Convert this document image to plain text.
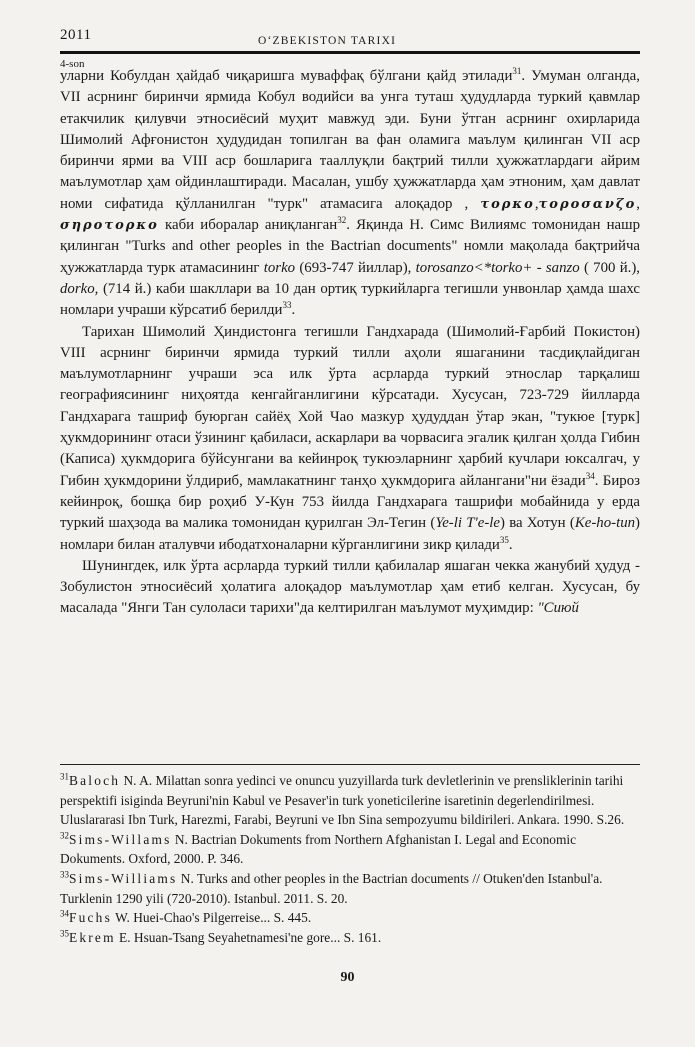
2011	O‘ZBEKISTON TARIXI
4-son

уларни Кобулдан ҳайдаб чиқаришга муваффақ бўлгани қайд этилади$^{31}$. Умуман олганда, VII асрнинг биринчи ярмида Кобул водийси ва унга туташ ҳудудларда туркий қавмлар етакчилик қилувчи этносиёсий муҳит мавжуд эди. Буни ўтган асрнинг охирларида Шимолий Афғонистон ҳудудидан топилган ва фан оламига маълум қилинган VII аср биринчи ярми ва VIII аср бошларига тааллуқли бақтрий тилли ҳужжатлардаги айрим маълумотлар ҳам ойдинлаштиради. Масалан, ушбу ҳужжатларда ҳам этноним, ҳам давлат номи сифатида қўлланилган "турк" атамасига алоқадор , τορκο,τοροσανζο, σηροτορκο каби иборалар аниқланган$^{32}$. Яқинда Н. Симс Вилиямс томонидан нашр қилинган "Turks and other peoples in the Bactrian documents" номли мақолада бақтрийча ҳужжатларда турк атамасининг torko (693-747 йиллар), torosanzo<*torko+ - sanzo ( 700 й.), dorko, (714 й.) каби шакллари ва 10 дан ортиқ туркийларга тегишли унвонлар ҳамда шахс номлари учраши кўрсатиб берилди$^{33}$.

Тарихан Шимолий Ҳиндистонга тегишли Гандхарада (Шимолий-Ғарбий Покистон) VIII асрнинг биринчи ярмида туркий тилли аҳоли яшаганини тасдиқлайдиган маълумотларнинг учраши эса илк ўрта асрларда туркий этнослар тарқалиш географиясининг ниҳоятда кенгайганлигини кўрсатади. Хусусан, 723-729 йилларда Гандхарага ташриф буюрган сайёҳ Хой Чао мазкур ҳудуддан ўтар экан, "тукюе [турк] ҳукмдорининг отаси ўзининг қабиласи, аскарлари ва чорвасига эгалик қилган ҳолда Гибин (Каписа) ҳукмдорига бўйсунгани ва кейинроқ тукюэларнинг ҳарбий кучлари юксалгач, у Гибин ҳукмдорини ўлдириб, мамлакатнинг танҳо ҳукмдорига айлангани"ни ёзади$^{34}$. Бироз кейинроқ, бошқа бир роҳиб У-Кун 753 йилда Гандхарага ташрифи мобайнида у ерда туркий шаҳзода ва малика томонидан қурилган Эл-Тегин (Ye-li T'e-le) ва Хотун (Ke-ho-tun) номлари билан аталувчи ибодатхоналарни кўрганлигини зикр қилади$^{35}$.

Шунингдек, илк ўрта асрларда туркий тилли қабилалар яшаган чекка жанубий ҳудуд - Зобулистон этносиёсий ҳолатига алоқадор маълумотлар ҳам етиб келган. Хусусан, бу масалада "Янги Тан сулоласи тарихи"да келтирилган маълумот муҳимдир: "Сиюй

$^{31}$Baloch N. A. Milattan sonra yedinci ve onuncu yuzyillarda turk devletlerinin ve prensliklerinin tarihi perspektifi isiginda Beyruni'nin Kabul ve Pesaver'in turk yoneticilerine isaretinin degerlendirilmesi. Uluslararasi Ibn Turk, Harezmi, Farabi, Beyruni ve Ibn Sina sempozyumu bildirileri. Ankara. 1990. S.26.

$^{32}$Sims-Willams N. Bactrian Dokuments from Northern Afghanistan I. Legal and Economic Dokuments. Oxford, 2000. P. 346.

$^{33}$Sims-Williams N. Turks and other peoples in the Bactrian documents // Otuken'den Istanbul'a. Turklenin 1290 yili (720-2010). Istanbul. 2011. S. 20.

$^{34}$Fuchs W. Huei-Chao's Pilgerreise... S. 445.

$^{35}$Ekrem E. Hsuan-Tsang Seyahetnamesi'ne gore... S. 161.

90
